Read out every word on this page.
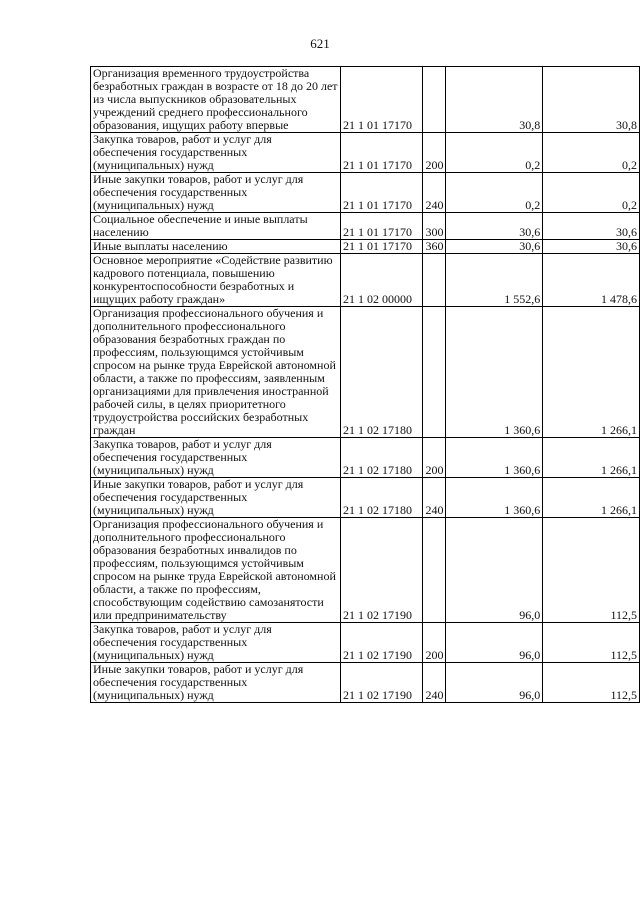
621
Организация временного трудоустройства безработных граждан в возрасте от 18 до 20 лет из числа выпускников образовательных учреждений среднего профессионального образования, ищущих работу впервые	21 1 01 17170		30,8	30,8
Закупка товаров, работ и услуг для обеспечения государственных (муниципальных) нужд	21 1 01 17170	200	0,2	0,2
Иные закупки товаров, работ и услуг для обеспечения государственных (муниципальных) нужд	21 1 01 17170	240	0,2	0,2
Социальное обеспечение и иные выплаты населению	21 1 01 17170	300	30,6	30,6
Иные выплаты населению	21 1 01 17170	360	30,6	30,6
Основное мероприятие «Содействие развитию кадрового потенциала, повышению конкурентоспособности безработных и ищущих работу граждан»	21 1 02 00000		1 552,6	1 478,6
Организация профессионального обучения и дополнительного профессионального образования безработных граждан по профессиям, пользующимся устойчивым спросом на рынке труда Еврейской автономной области, а также по профессиям, заявленным организациями для привлечения иностранной рабочей силы, в целях приоритетного трудоустройства российских безработных граждан	21 1 02 17180		1 360,6	1 266,1
Закупка товаров, работ и услуг для обеспечения государственных (муниципальных) нужд	21 1 02 17180	200	1 360,6	1 266,1
Иные закупки товаров, работ и услуг для обеспечения государственных (муниципальных) нужд	21 1 02 17180	240	1 360,6	1 266,1
Организация профессионального обучения и дополнительного профессионального образования безработных инвалидов по профессиям, пользующимся устойчивым спросом на рынке труда Еврейской автономной области, а также по профессиям, способствующим содействию самозанятости или предпринимательству	21 1 02 17190		96,0	112,5
Закупка товаров, работ и услуг для обеспечения государственных (муниципальных) нужд	21 1 02 17190	200	96,0	112,5
Иные закупки товаров, работ и услуг для обеспечения государственных (муниципальных) нужд	21 1 02 17190	240	96,0	112,5
